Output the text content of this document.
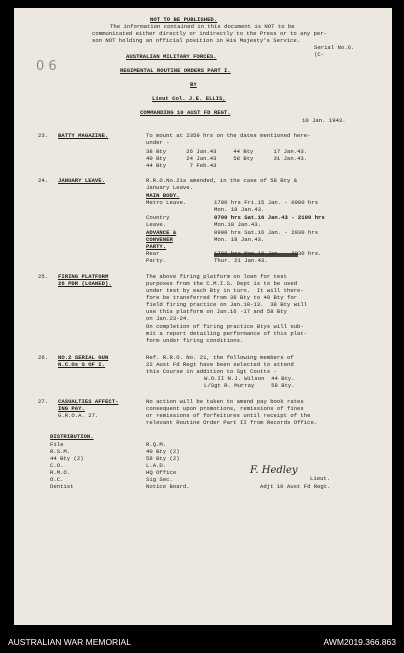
NOT TO BE PUBLISHED.
The information contained in this document is NOT to be
communicated either directly or indirectly to the Press or to any per-
son NOT holding an official position in His Majesty's Service.
Serial No.6.
(C-
0 6
AUSTRALIAN MILITARY FORCES.
REGIMENTAL ROUTINE ORDERS PART I.
BY
Lieut Col. J.E. ELLIS,
COMMANDING 10 AUST FD REGT.
10 Jan. 1943.
23. BATTY MAGAZINE.	To mount at 2359 hrs on the dates mentioned here-
under -
38 Bty      26 Jan.43     44 Bty      17 Jan.43.
40 Bty      24 Jan.43     58 Bty      31 Jan.43.
44 Bty       7 Feb.43
24. JANUARY LEAVE.	R.R.O.No.21s amended, in the case of 58 Bty &
January Leave.
MAIN BODY.
Metro Leave.	1700 hrs Fri.15 Jan. - 0900 hrs
Mon. 18 Jan.43.
Country
Leave.
0700 hrs Sat.16 Jan.43 - 2100 hrs
Mon.18 Jan.43.
ADVANCE &
CONVENER
PARTY.
0900 hrs Sat.16 Jan. - 2030 hrs
Mon. 18 Jan.43.
Rear
Party.
1700 hrs Mon.18 Jan. - 2030 hrs.
Thur. 21 Jan.43.
25. FIRING PLATFORM
26 PDR (LOANED).
The above firing platform on loan for test
purposes from the C.M.I.S. Dept is to be used
under test by each Bty in turn.  It will there-
fore be transferred from 38 Bty to 40 Bty for
field firing practice on Jan.18-13.  38 Bty will
use this platform on Jan.16 -17 and 58 Bty
on Jan.23-24.
On completion of firing practice Btys will sub-
mit a report detailing performance of this plat-
form under firing conditions.
26. NO.2 SERIAL GUN
N.C.Os S OF I.
Ref. R.R.O. No. 21, the following members of
22 Aust Fd Regt have been selected to attend
this Course in addition to Sgt Coutts -
W.O.II N.J. Wilson  44 Bty.
L/Sgt R. Murray     58 Bty.
27. CASUALTIES AFFECT-
ING PAY.
G.R.O.A. 27.
No action will be taken to amend pay book rates
consequent upon promotions, remissions of fines
or remissions of forfeitures until receipt of the
relevant Routine Order Part II from Records Office.
DISTRIBUTION.
File
R.S.M.
44 Bty (2)
C.O.
R.M.O.
O.C.
Dentist
R.Q.M.
40 Bty (2)
58 Bty (2)
L.A.D.
HQ Office
Sig Sec.
Notice Board.
F. Hedley
Lieut.
Adjt 10 Aust Fd Regt.
AUSTRALIAN WAR MEMORIAL	AWM2019.366.863
